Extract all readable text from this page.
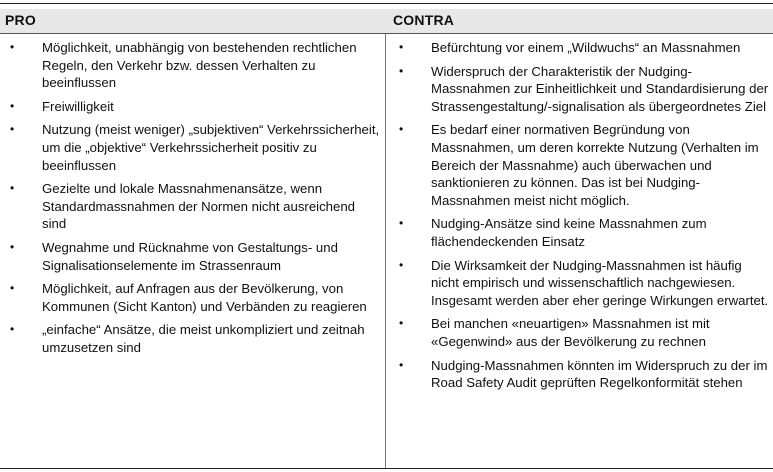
PRO	CONTRA
• Möglichkeit, unabhängig von bestehenden rechtlichen Regeln, den Verkehr bzw. dessen Verhalten zu beeinflussen
• Freiwilligkeit
• Nutzung (meist weniger) „subjektiven“ Verkehrssicherheit, um die „objektive“ Verkehrssicherheit positiv zu beeinflussen
• Gezielte und lokale Massnahmenansätze, wenn Standardmassnahmen der Normen nicht ausreichend sind
• Wegnahme und Rücknahme von Gestaltungs- und Signalisationselemente im Strassenraum
• Möglichkeit, auf Anfragen aus der Bevölkerung, von Kommunen (Sicht Kanton) und Verbänden zu reagieren
• „einfache“ Ansätze, die meist unkompliziert und zeitnah umzusetzen sind
• Befürchtung vor einem „Wildwuchs“ an Massnahmen
• Widerspruch der Charakteristik der Nudging-Massnahmen zur Einheitlichkeit und Standardisierung der Strassengestaltung/-signalisation als übergeordnetes Ziel
• Es bedarf einer normativen Begründung von Massnahmen, um deren korrekte Nutzung (Verhalten im Bereich der Massnahme) auch überwachen und sanktionieren zu können. Das ist bei Nudging-Massnahmen meist nicht möglich.
• Nudging-Ansätze sind keine Massnahmen zum flächendeckenden Einsatz
• Die Wirksamkeit der Nudging-Massnahmen ist häufig nicht empirisch und wissenschaftlich nachgewiesen. Insgesamt werden aber eher geringe Wirkungen erwartet.
• Bei manchen «neuartigen» Massnahmen ist mit «Gegenwind» aus der Bevölkerung zu rechnen
• Nudging-Massnahmen könnten im Widerspruch zu der im Road Safety Audit geprüften Regelkonformität stehen
